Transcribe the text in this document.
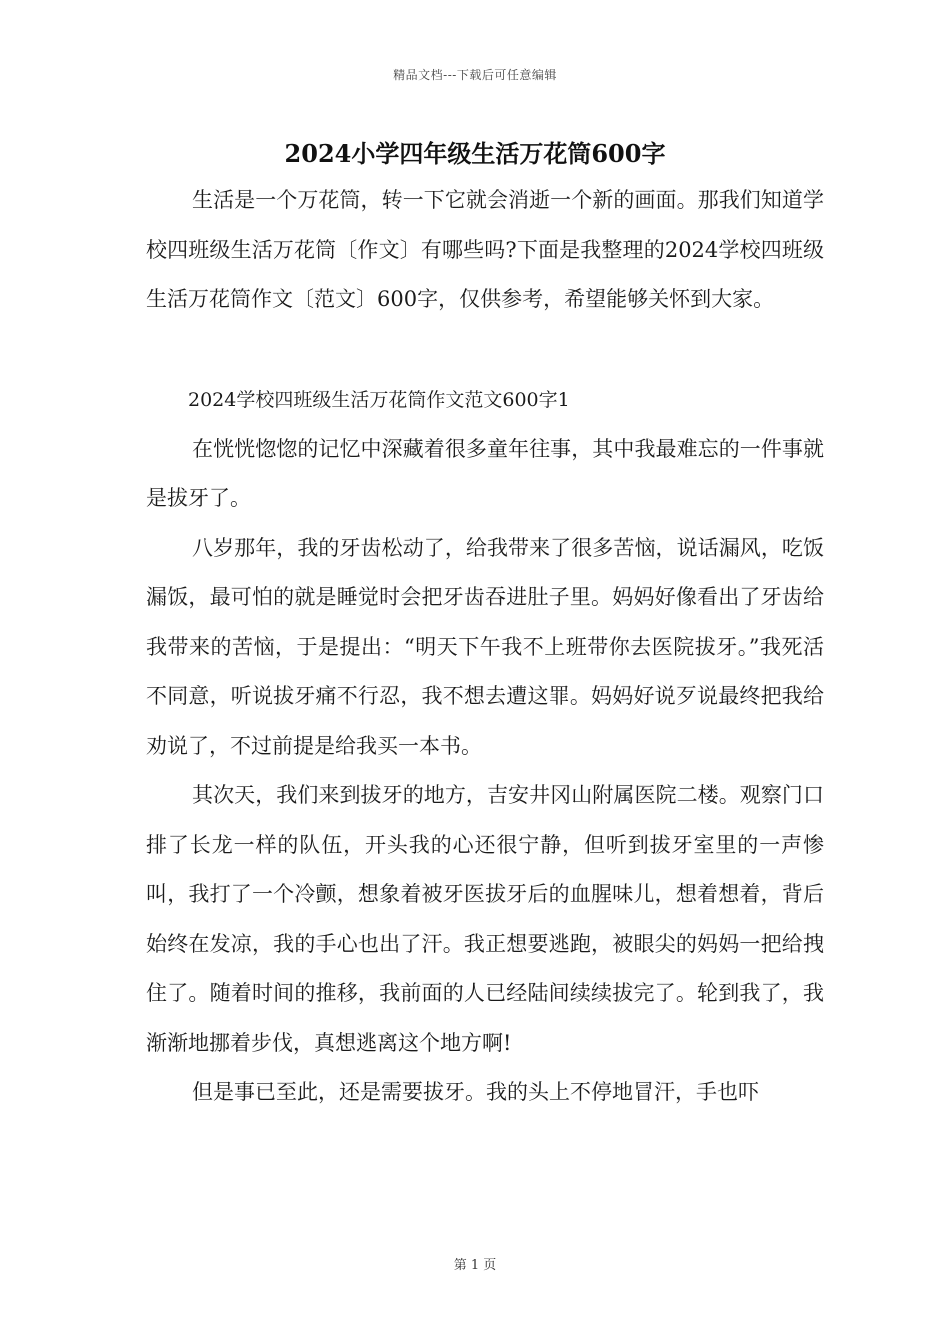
精品文档---下载后可任意编辑
2024小学四年级生活万花筒600字

生活是一个万花筒，转一下它就会消逝一个新的画面。那我们知道学校四班级生活万花筒〔作文〕有哪些吗?下面是我整理的2024学校四班级生活万花筒作文〔范文〕600字，仅供参考，希望能够关怀到大家。

2024学校四班级生活万花筒作文范文600字1

在恍恍惚惚的记忆中深藏着很多童年往事，其中我最难忘的一件事就是拔牙了。

八岁那年，我的牙齿松动了，给我带来了很多苦恼，说话漏风，吃饭漏饭，最可怕的就是睡觉时会把牙齿吞进肚子里。妈妈好像看出了牙齿给我带来的苦恼，于是提出：“明天下午我不上班带你去医院拔牙。”我死活不同意，听说拔牙痛不行忍，我不想去遭这罪。妈妈好说歹说最终把我给劝说了，不过前提是给我买一本书。

其次天，我们来到拔牙的地方，吉安井冈山附属医院二楼。观察门口排了长龙一样的队伍，开头我的心还很宁静，但听到拔牙室里的一声惨叫，我打了一个冷颤，想象着被牙医拔牙后的血腥味儿，想着想着，背后始终在发凉，我的手心也出了汗。我正想要逃跑，被眼尖的妈妈一把给拽住了。随着时间的推移，我前面的人已经陆间续续拔完了。轮到我了，我渐渐地挪着步伐，真想逃离这个地方啊!

但是事已至此，还是需要拔牙。我的头上不停地冒汗，手也吓

第 1 页
